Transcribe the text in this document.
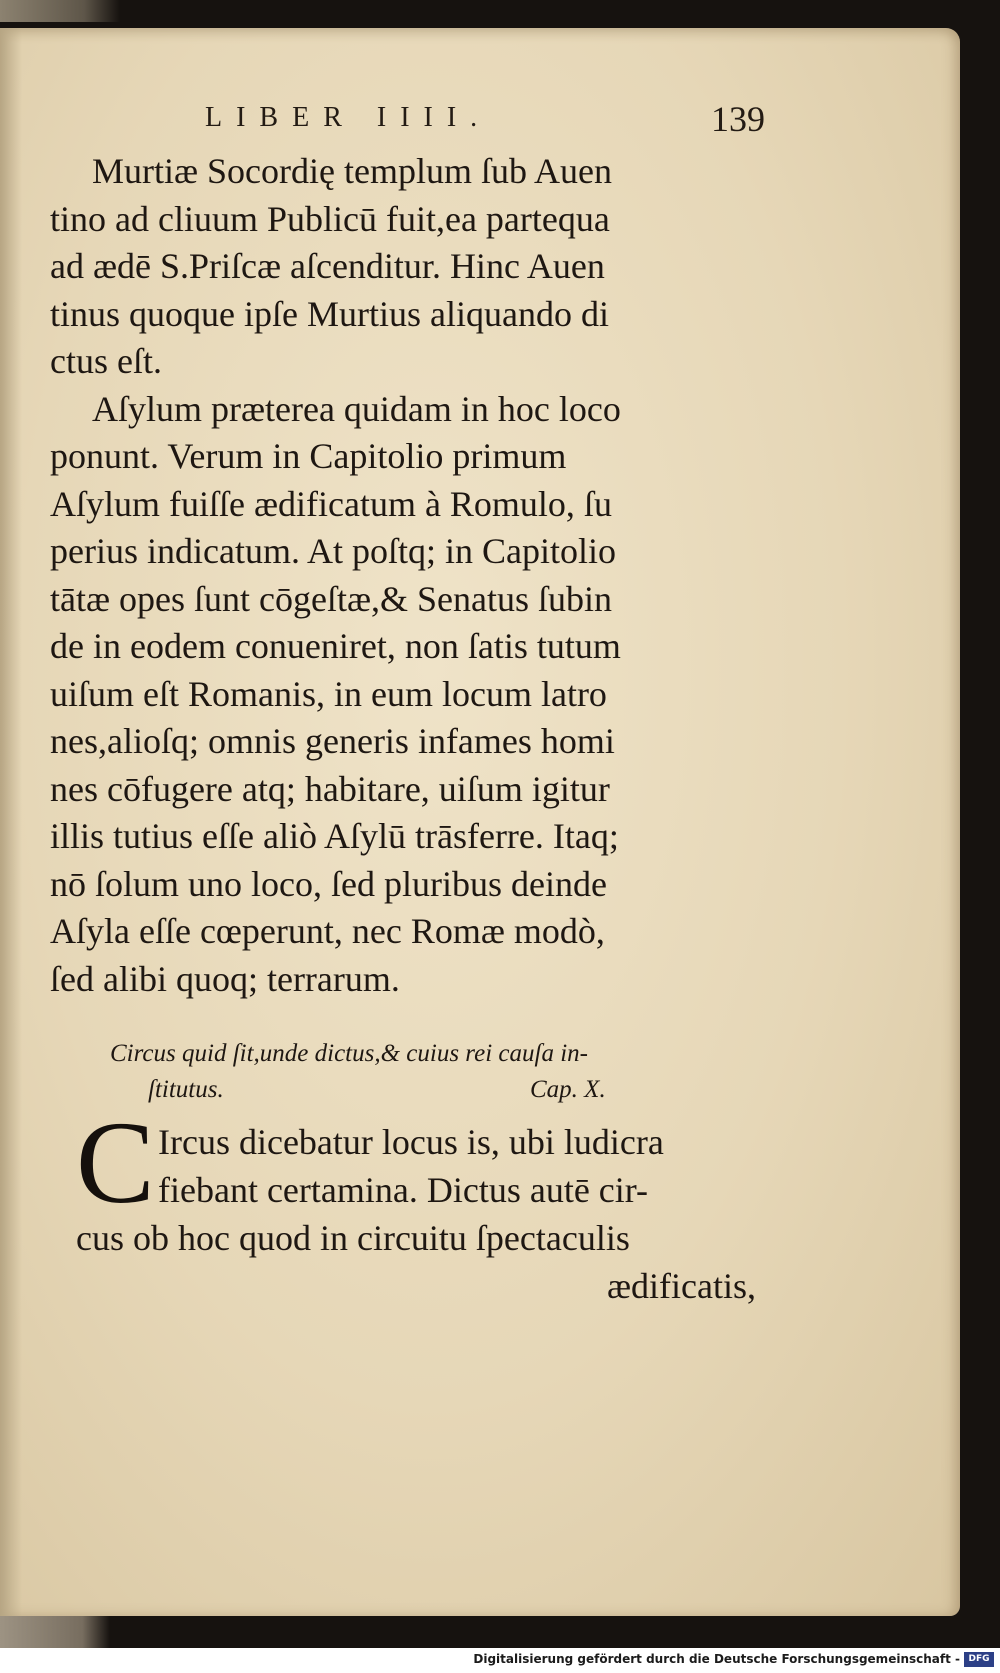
LIBER IIII.	139
Murtiæ Socordię templum ſub Auen
tino ad cliuum Publicū fuit,ea partequa
ad ædē S.Priſcæ aſcenditur. Hinc Auen
tinus quoque ipſe Murtius aliquando di
ctus eſt.
Aſylum præterea quidam in hoc loco
ponunt. Verum in Capitolio primum
Aſylum fuiſſe ædificatum à Romulo, ſu
perius indicatum. At poſtq; in Capitolio
tātæ opes ſunt cōgeſtæ,& Senatus ſubin
de in eodem conueniret, non ſatis tutum
uiſum eſt Romanis, in eum locum latro
nes,alioſq; omnis generis infames homi
nes cōfugere atq; habitare, uiſum igitur
illis tutius eſſe aliò Aſylū trāsferre. Itaq;
nō ſolum uno loco, ſed pluribus deinde
Aſyla eſſe cœperunt, nec Romæ modò,
ſed alibi quoq; terrarum.
Circus quid ſit,unde dictus,& cuius rei cauſa in-
ſtitutus.	Cap. X.
C Ircus dicebatur locus is, ubi ludicra
fiebant certamina. Dictus autē cir-
cus ob hoc quod in circuitu ſpectaculis
ædificatis,
Digitalisierung gefördert durch die Deutsche Forschungsgemeinschaft - DFG
